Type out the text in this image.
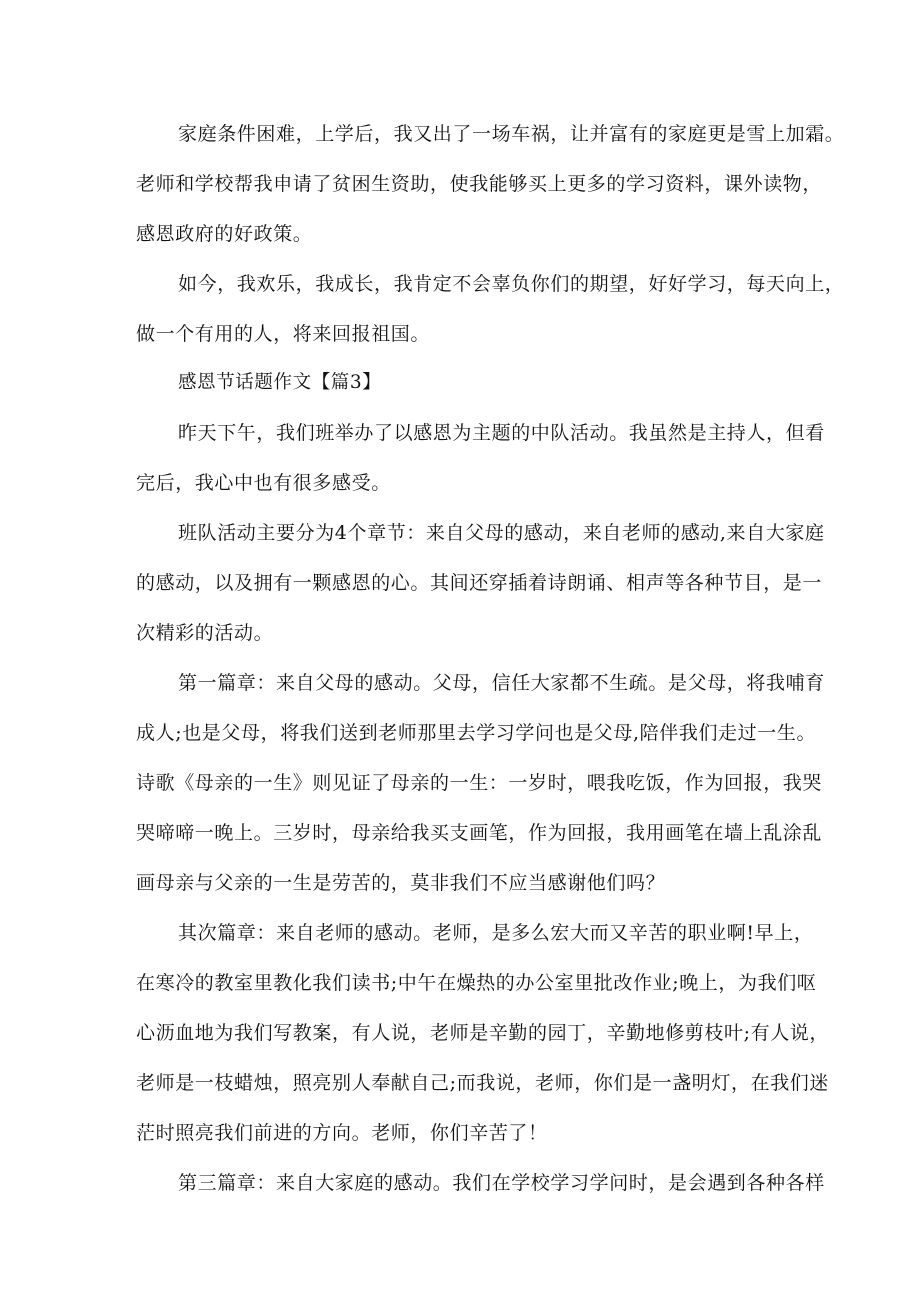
家庭条件困难，上学后，我又出了一场车祸，让并富有的家庭更是雪上加霜。
老师和学校帮我申请了贫困生资助，使我能够买上更多的学习资料，课外读物，
感恩政府的好政策。
如今，我欢乐，我成长，我肯定不会辜负你们的期望，好好学习，每天向上，
做一个有用的人，将来回报祖国。
感恩节话题作文【篇3】
昨天下午，我们班举办了以感恩为主题的中队活动。我虽然是主持人，但看
完后，我心中也有很多感受。
班队活动主要分为4个章节：来自父母的感动，来自老师的感动,来自大家庭
的感动，以及拥有一颗感恩的心。其间还穿插着诗朗诵、相声等各种节目，是一
次精彩的活动。
第一篇章：来自父母的感动。父母，信任大家都不生疏。是父母，将我哺育
成人;也是父母，将我们送到老师那里去学习学问也是父母,陪伴我们走过一生。
诗歌《母亲的一生》则见证了母亲的一生：一岁时，喂我吃饭，作为回报，我哭
哭啼啼一晚上。三岁时，母亲给我买支画笔，作为回报，我用画笔在墙上乱涂乱
画母亲与父亲的一生是劳苦的，莫非我们不应当感谢他们吗？
其次篇章：来自老师的感动。老师，是多么宏大而又辛苦的职业啊!早上，
在寒冷的教室里教化我们读书;中午在燥热的办公室里批改作业;晚上，为我们呕
心沥血地为我们写教案，有人说，老师是辛勤的园丁，辛勤地修剪枝叶;有人说，
老师是一枝蜡烛，照亮别人奉献自己;而我说，老师，你们是一盏明灯，在我们迷
茫时照亮我们前进的方向。老师，你们辛苦了！
第三篇章：来自大家庭的感动。我们在学校学习学问时，是会遇到各种各样
